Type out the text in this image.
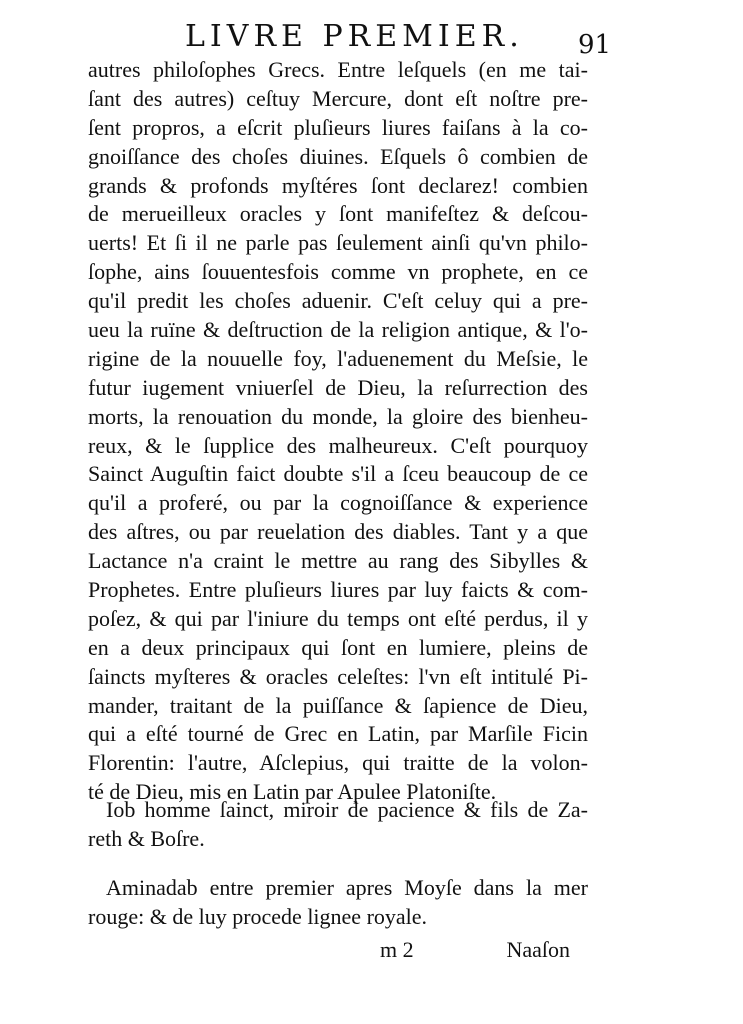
LIVRE PREMIER. 91
autres philoſophes Grecs. Entre leſquels (en me tai-
ſant des autres) ceſtuy Mercure, dont eſt noſtre pre-
ſent propros, a eſcrit pluſieurs liures faiſans à la co-
gnoiſſance des choſes diuines. Eſquels ô combien de
grands & profonds myſtéres ſont declarez! combien
de merueilleux oracles y ſont manifeſtez & deſcou-
uerts! Et ſi il ne parle pas ſeulement ainſi qu'vn philo-
ſophe, ains ſouuentesfois comme vn prophete, en ce
qu'il predit les choſes aduenir. C'eſt celuy qui a pre-
ueu la ruïne & deſtruction de la religion antique, & l'o-
rigine de la nouuelle foy, l'aduenement du Meſsie, le
futur iugement vniuerſel de Dieu, la reſurrection des
morts, la renouation du monde, la gloire des bienheu-
reux, & le ſupplice des malheureux. C'eſt pourquoy
Sainct Auguſtin faict doubte s'il a ſceu beaucoup de ce
qu'il a proferé, ou par la cognoiſſance & experience
des aſtres, ou par reuelation des diables. Tant y a que
Lactance n'a craint le mettre au rang des Sibylles &
Prophetes. Entre pluſieurs liures par luy faicts & com-
poſez, & qui par l'iniure du temps ont eſté perdus, il y
en a deux principaux qui ſont en lumiere, pleins de
ſaincts myſteres & oracles celeſtes: l'vn eſt intitulé Pi-
mander, traitant de la puiſſance & ſapience de Dieu,
qui a eſté tourné de Grec en Latin, par Marſile Ficin
Florentin: l'autre, Aſclepius, qui traitte de la volon-
té de Dieu, mis en Latin par Apulee Platoniſte.
Iob homme ſainct, miroir de pacience & fils de Za-
reth & Boſre.
Aminadab entre premier apres Moyſe dans la mer
rouge: & de luy procede lignee royale.
m 2	Naaſon
